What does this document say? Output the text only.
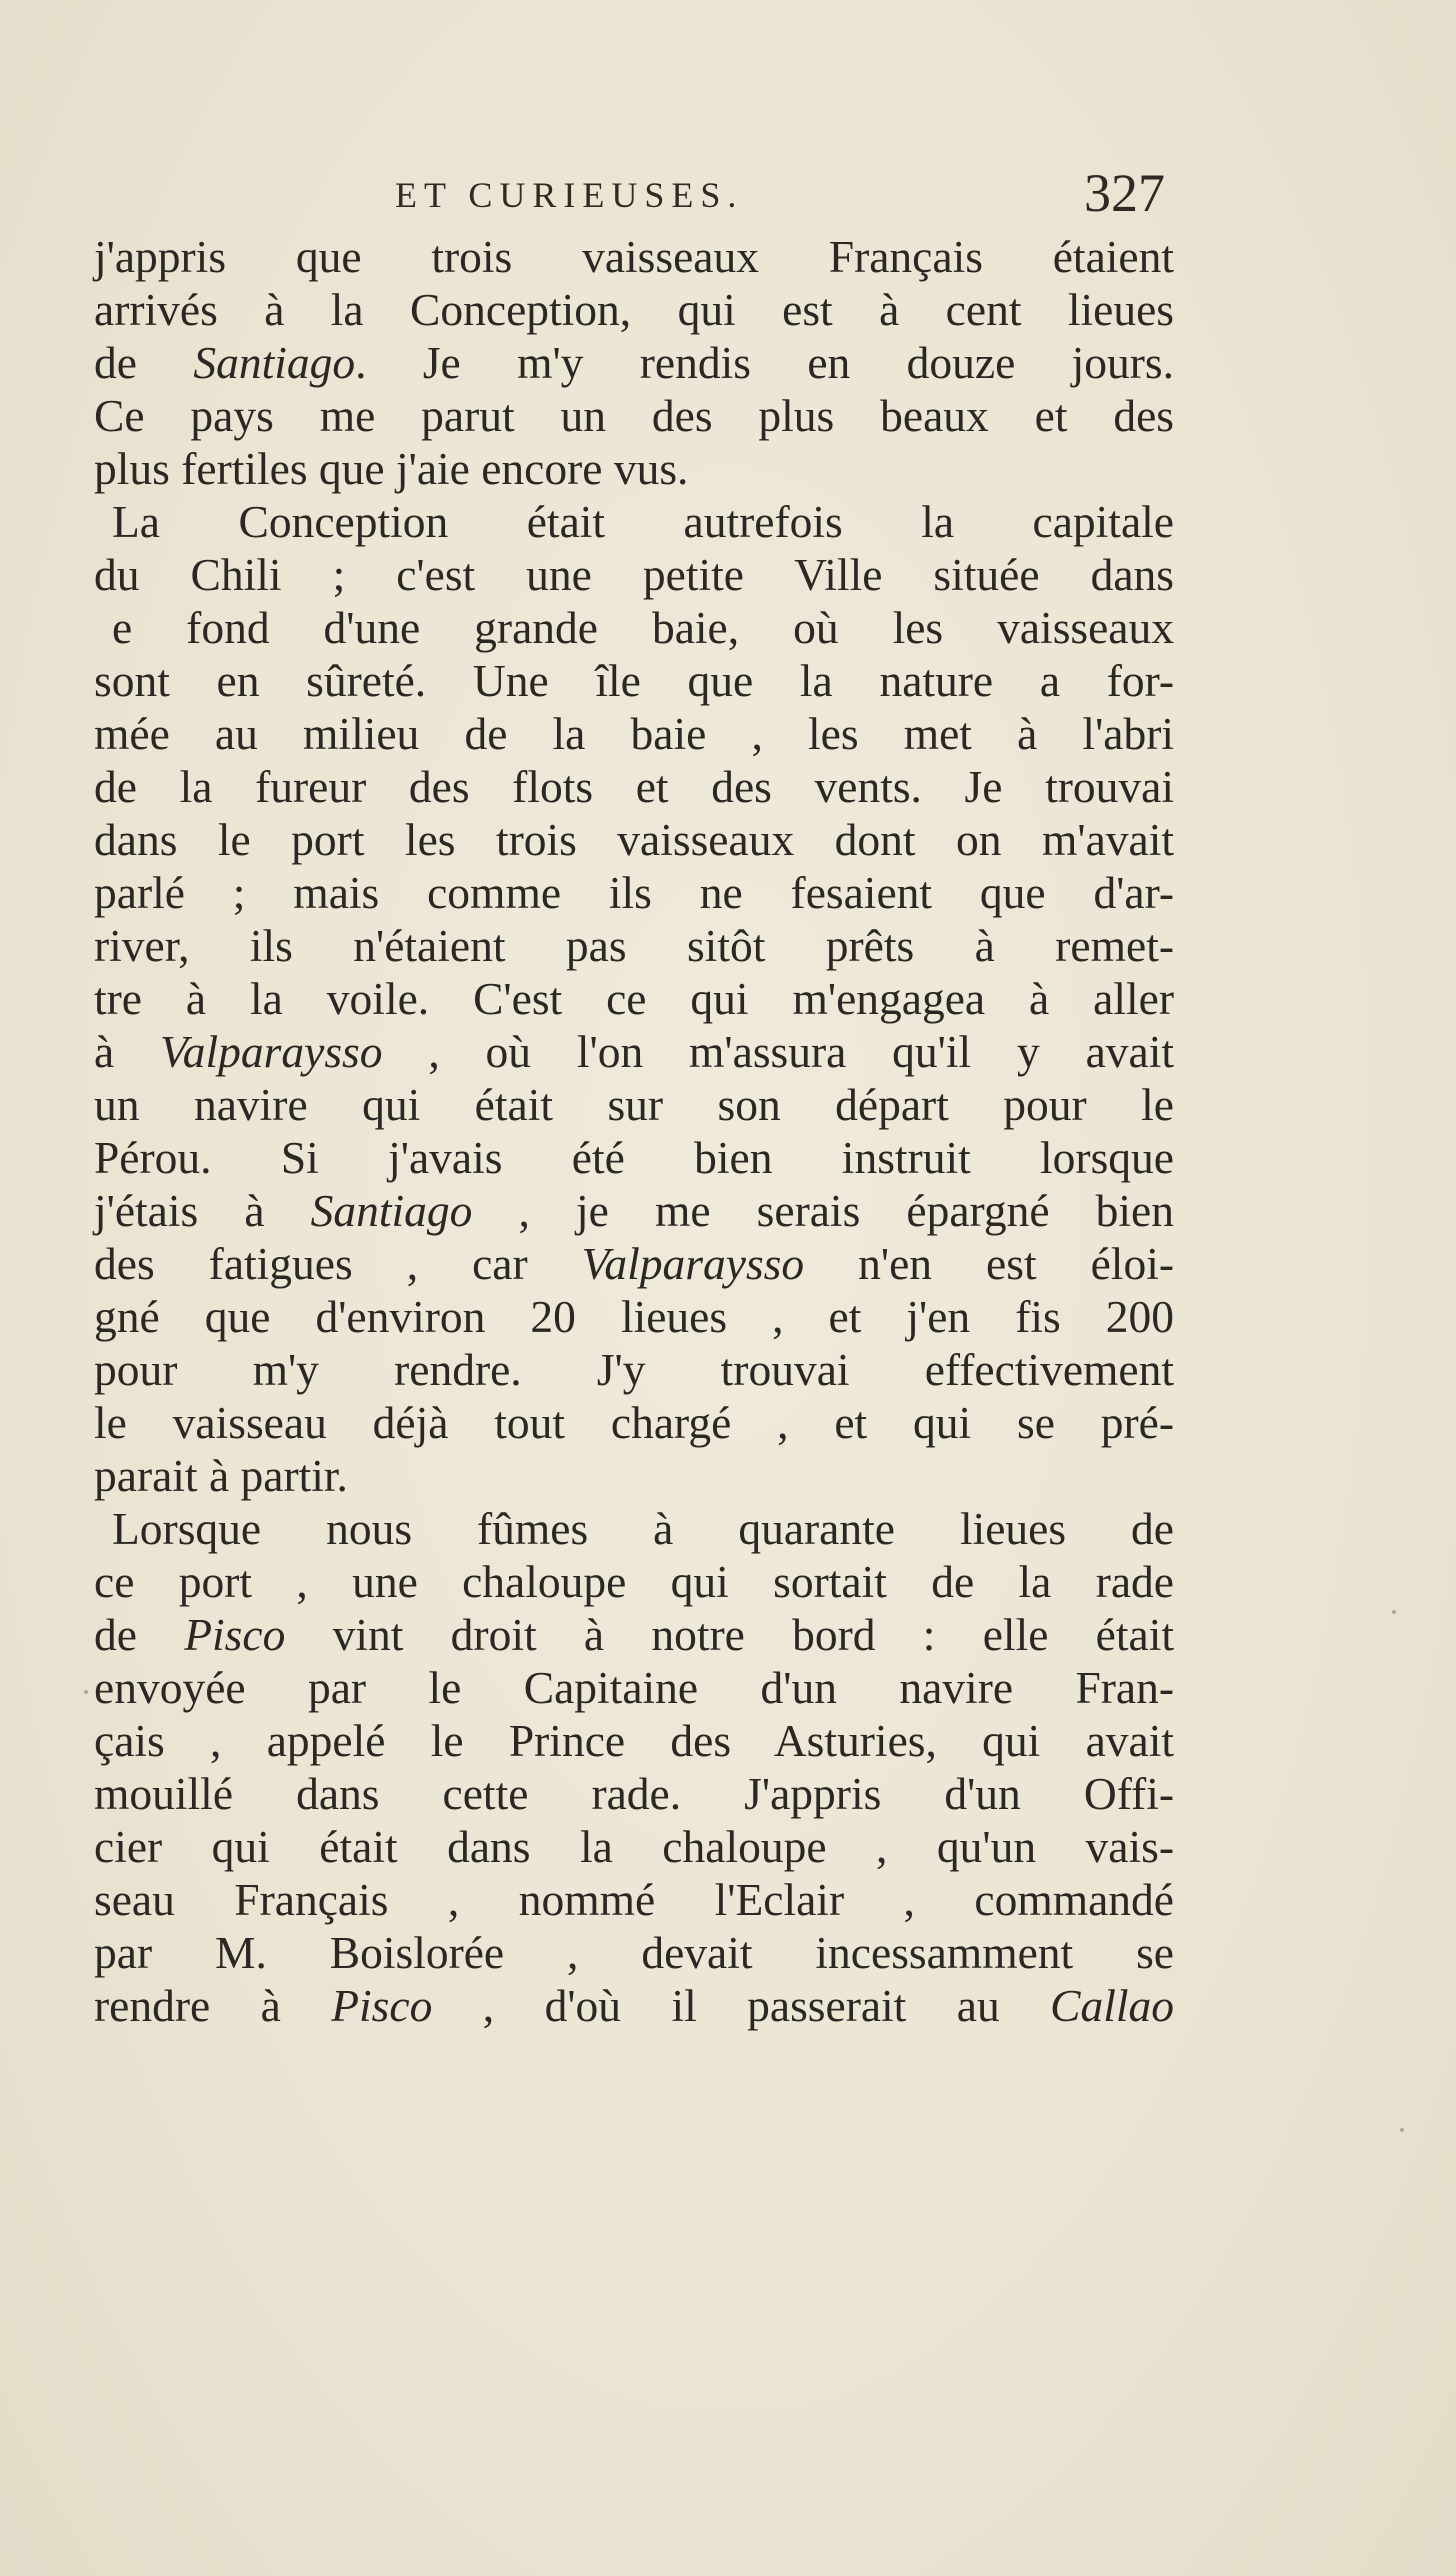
ET CURIEUSES.	327
j'appris que trois vaisseaux Français étaient
arrivés à la Conception, qui est à cent lieues
de Santiago. Je m'y rendis en douze jours.
Ce pays me parut un des plus beaux et des
plus fertiles que j'aie encore vus.
La Conception était autrefois la capitale
du Chili ; c'est une petite Ville située dans
e fond d'une grande baie, où les vaisseaux
sont en sûreté. Une île que la nature a for-
mée au milieu de la baie , les met à l'abri
de la fureur des flots et des vents. Je trouvai
dans le port les trois vaisseaux dont on m'avait
parlé ; mais comme ils ne fesaient que d'ar-
river, ils n'étaient pas sitôt prêts à remet-
tre à la voile. C'est ce qui m'engagea à aller
à Valparaysso , où l'on m'assura qu'il y avait
un navire qui était sur son départ pour le
Pérou. Si j'avais été bien instruit lorsque
j'étais à Santiago , je me serais épargné bien
des fatigues , car Valparaysso n'en est éloi-
gné que d'environ 20 lieues , et j'en fis 200
pour m'y rendre. J'y trouvai effectivement
le vaisseau déjà tout chargé , et qui se pré-
parait à partir.
Lorsque nous fûmes à quarante lieues de
ce port , une chaloupe qui sortait de la rade
de Pisco vint droit à notre bord : elle était
envoyée par le Capitaine d'un navire Fran-
çais , appelé le Prince des Asturies, qui avait
mouillé dans cette rade. J'appris d'un Offi-
cier qui était dans la chaloupe , qu'un vais-
seau Français , nommé l'Eclair , commandé
par M. Boislorée , devait incessamment se
rendre à Pisco , d'où il passerait au Callao
